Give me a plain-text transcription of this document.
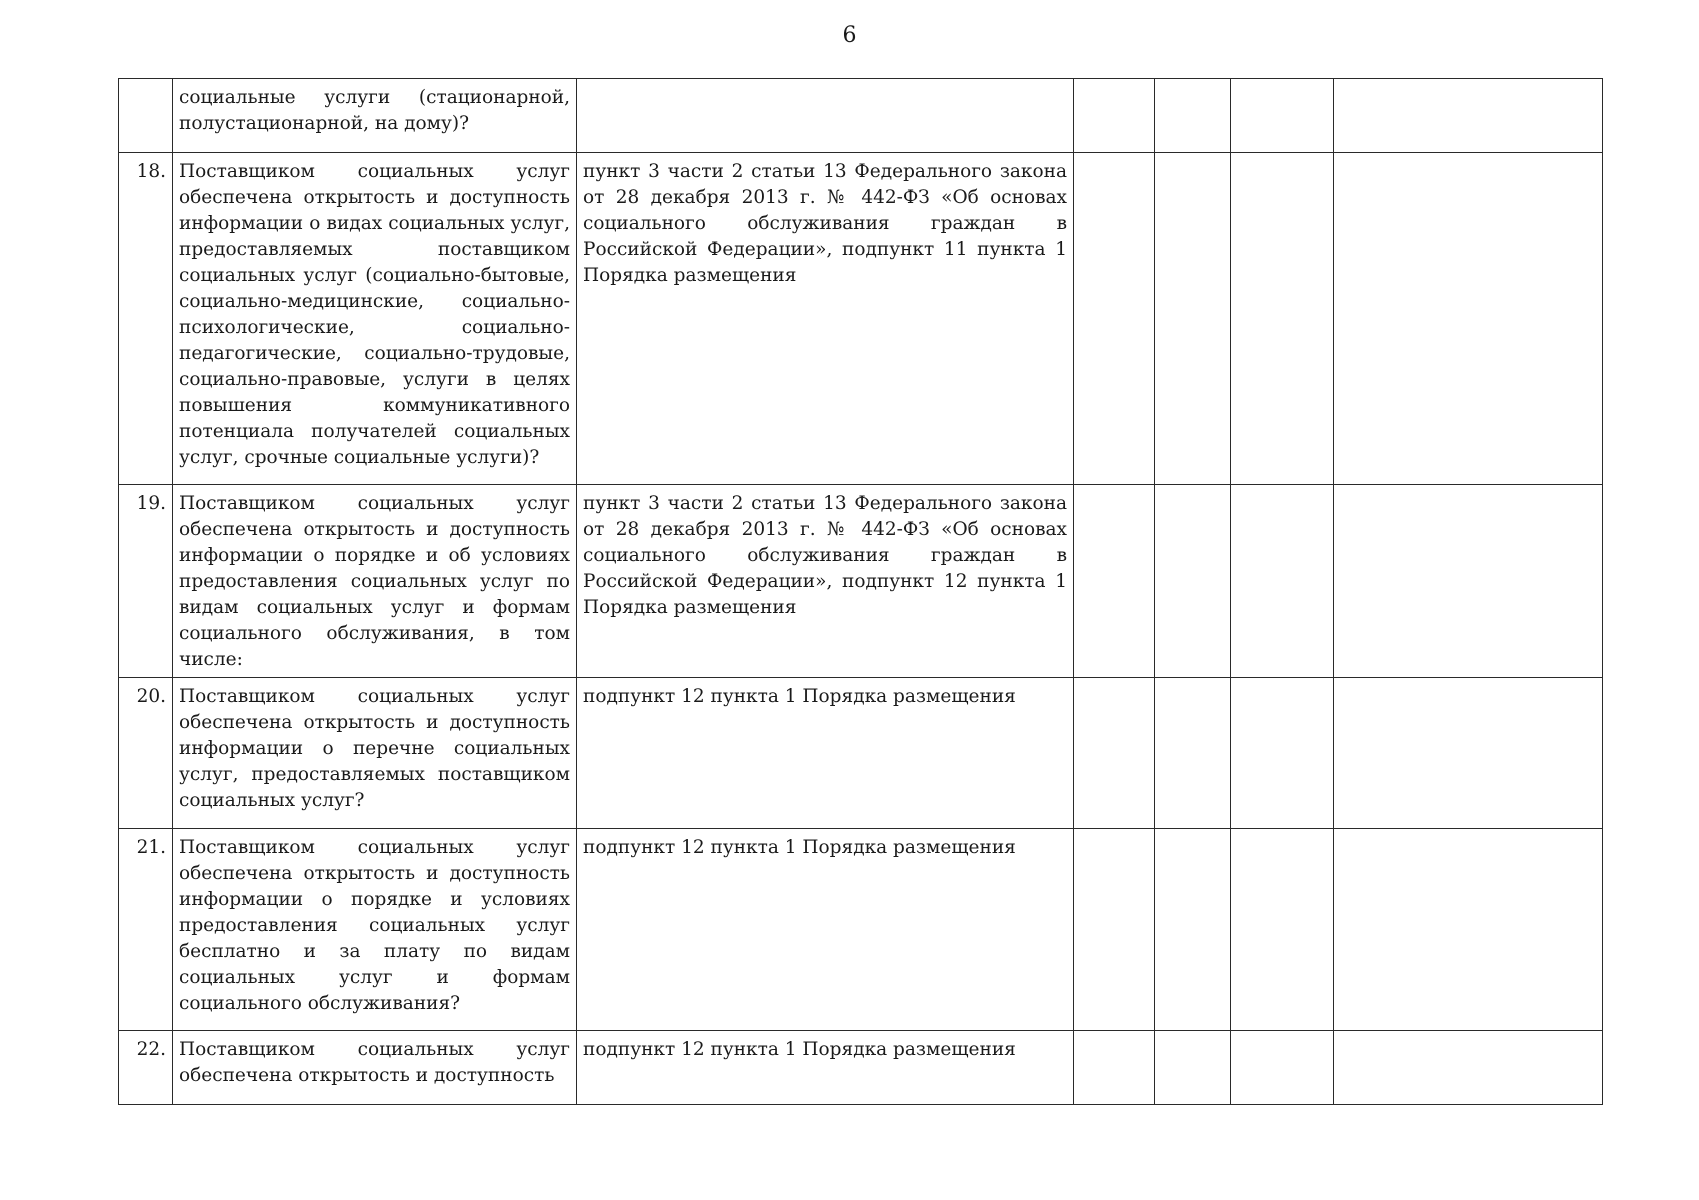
6
	социальные услуги (стационарной, полустационарной, на дому)?					
18.	Поставщиком социальных услуг обеспечена открытость и доступность информации о видах социальных услуг, предоставляемых поставщиком социальных услуг (социально-бытовые, социально-медицинские, социально-психологические, социально-педагогические, социально-трудовые, социально-правовые, услуги в целях повышения коммуникативного потенциала получателей социальных услуг, срочные социальные услуги)?	пункт 3 части 2 статьи 13 Федерального закона от 28 декабря 2013 г. № 442-ФЗ «Об основах социального обслуживания граждан в Российской Федерации», подпункт 11 пункта 1 Порядка размещения				
19.	Поставщиком социальных услуг обеспечена открытость и доступность информации о порядке и об условиях предоставления социальных услуг по видам социальных услуг и формам социального обслуживания, в том числе:	пункт 3 части 2 статьи 13 Федерального закона от 28 декабря 2013 г. № 442-ФЗ «Об основах социального обслуживания граждан в Российской Федерации», подпункт 12 пункта 1 Порядка размещения				
20.	Поставщиком социальных услуг обеспечена открытость и доступность информации о перечне социальных услуг, предоставляемых поставщиком социальных услуг?	подпункт 12 пункта 1 Порядка размещения				
21.	Поставщиком социальных услуг обеспечена открытость и доступность информации о порядке и условиях предоставления социальных услуг бесплатно и за плату по видам социальных услуг и формам социального обслуживания?	подпункт 12 пункта 1 Порядка размещения				
22.	Поставщиком социальных услуг обеспечена открытость и доступность	подпункт 12 пункта 1 Порядка размещения				
